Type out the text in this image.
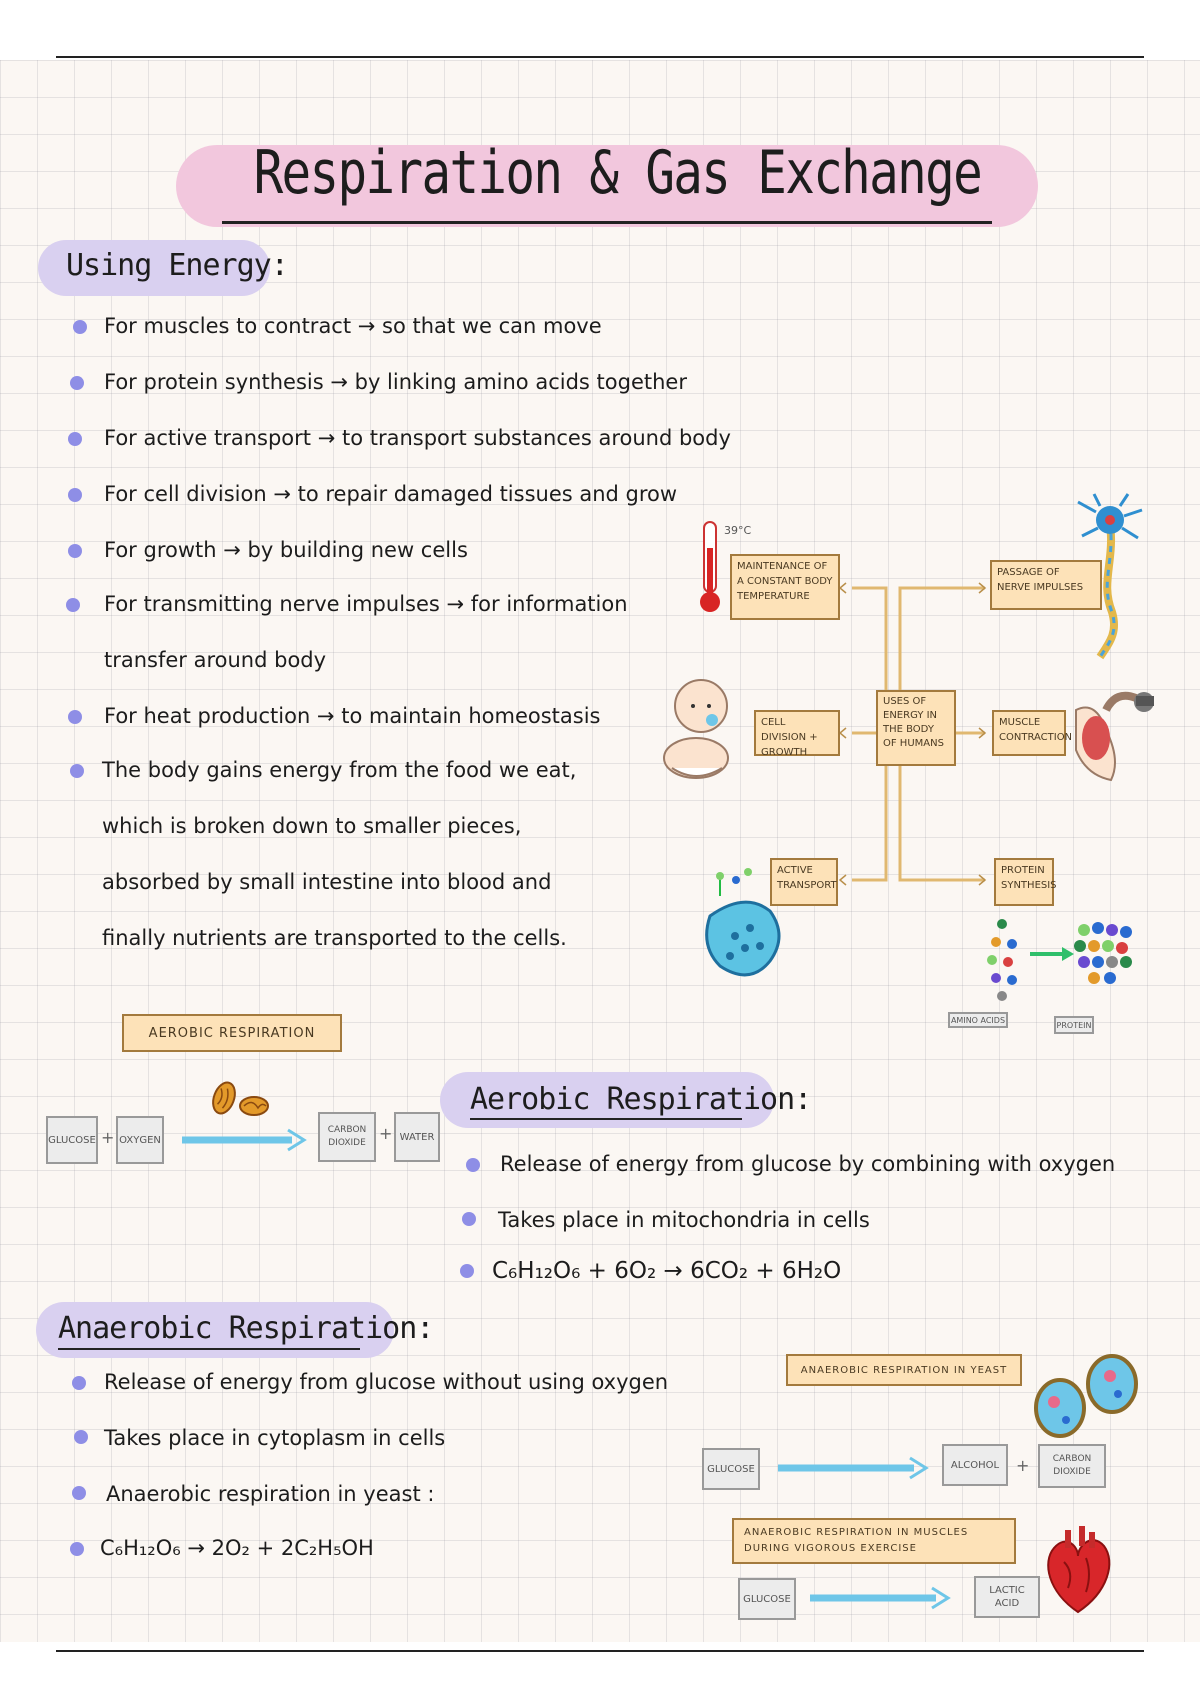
Respiration & Gas Exchange
Using Energy:
For muscles to contract → so that we can move
For protein synthesis → by linking amino acids together
For active transport → to transport substances around body
For cell division → to repair damaged tissues and grow
For growth → by building new cells
For transmitting nerve impulses → for information
transfer around body
For heat production → to maintain homeostasis
The body gains energy from the food we eat,
which is broken down to smaller pieces,
absorbed by small intestine into blood and
finally nutrients are transported to the cells.
USES OF ENERGY IN THE BODY OF HUMANS
MAINTENANCE OF A CONSTANT BODY TEMPERATURE
PASSAGE OF NERVE IMPULSES
CELL DIVISION + GROWTH
MUSCLE CONTRACTION
ACTIVE TRANSPORT
PROTEIN SYNTHESIS
39°C
AMINO ACIDS
PROTEIN
AEROBIC RESPIRATION
GLUCOSE + OXYGEN
CARBON DIOXIDE + WATER
Aerobic Respiration:
Release of energy from glucose by combining with oxygen
Takes place in mitochondria in cells
C₆H₁₂O₆ + 6O₂ → 6CO₂ + 6H₂O
Anaerobic Respiration:
Release of energy from glucose without using oxygen
Takes place in cytoplasm in cells
Anaerobic respiration in yeast :
C₆H₁₂O₆ → 2O₂ + 2C₂H₅OH
ANAEROBIC RESPIRATION IN YEAST
GLUCOSE	ALCOHOL	+	CARBON DIOXIDE
ANAEROBIC RESPIRATION IN MUSCLES DURING VIGOROUS EXERCISE
GLUCOSE
LACTIC ACID
